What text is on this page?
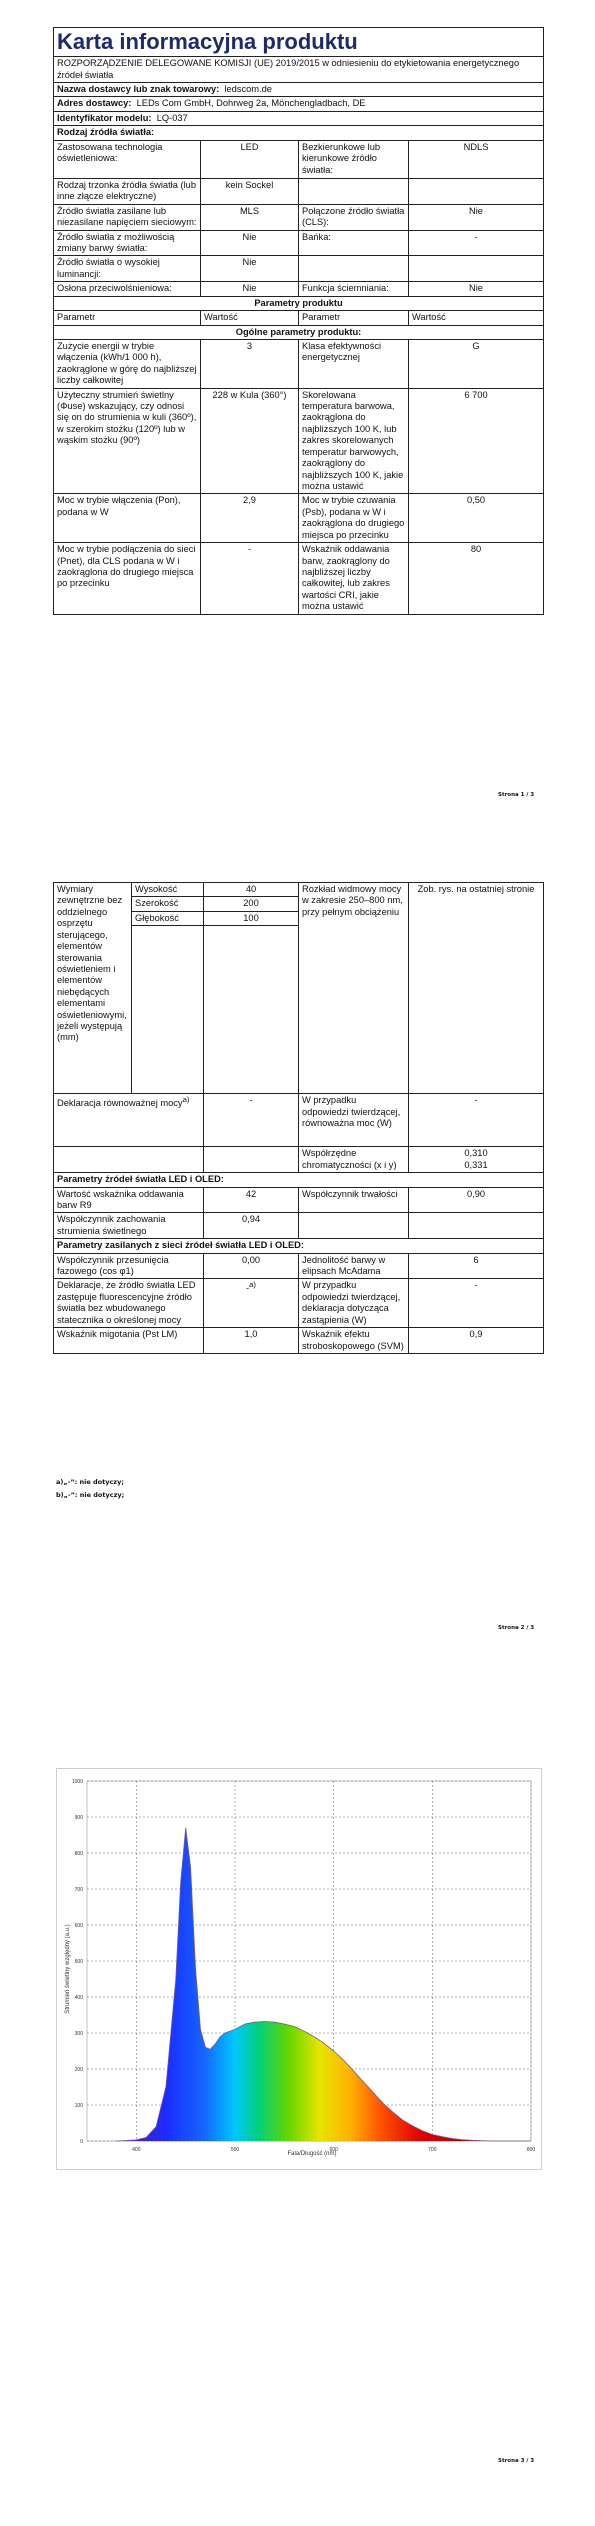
Karta informacyjna produktu			
ROZPORZĄDZENIE DELEGOWANE KOMISJI (UE) 2019/2015 w odniesieniu do etykietowania energetycznego źródeł światła			
Nazwa dostawcy lub znak towarowy: ledscom.de			
Adres dostawcy: LEDs Com GmbH, Dohrweg 2a, Mönchengladbach, DE			
Identyfikator modelu: LQ-037			
Rodzaj źródła światła:			
Zastosowana technologia oświetleniowa:	LED	Bezkierunkowe lub kierunkowe źródło światła:	NDLS
Rodzaj trzonka źródła światła (lub inne złącze elektryczne)	kein Sockel		
Źródło światła zasilane lub niezasilane napięciem sieciowym:	MLS	Połączone źródło światła (CLS):	Nie
Źródło światła z możliwością zmiany barwy światła:	Nie	Bańka:	-
Źródło światła o wysokiej luminancji:	Nie		
Osłona przeciwolśnieniowa:	Nie	Funkcja ściemniania:	Nie
Parametry produktu			
Parametr	Wartość	Parametr	Wartość
Ogólne parametry produktu:			
Zużycie energii w trybie włączenia (kWh/1 000 h), zaokrąglone w górę do najbliższej liczby całkowitej	3	Klasa efektywności energetycznej	G
Użyteczny strumień świetlny (Φuse) wskazujący, czy odnosi się on do strumienia w kuli (360º), w szerokim stożku (120º) lub w wąskim stożku (90º)	228 w Kula (360°)	Skorelowana temperatura barwowa, zaokrąglona do najbliższych 100 K, lub zakres skorelowanych temperatur barwowych, zaokrąglony do najbliższych 100 K, jakie można ustawić	6 700
Moc w trybie włączenia (Pon), podana w W	2,9	Moc w trybie czuwania (Psb), podana w W i zaokrąglona do drugiego miejsca po przecinku	0,50
Moc w trybie podłączenia do sieci (Pnet), dla CLS podana w W i zaokrąglona do drugiego miejsca po przecinku	-	Wskaźnik oddawania barw, zaokrąglony do najbliższej liczby całkowitej, lub zakres wartości CRI, jakie można ustawić	80
Strona 1 / 3
Wymiary zewnętrzne bez oddzielnego osprzętu sterującego, elementów sterowania oświetleniem i elementów niebędących elementami oświetleniowymi, jeżeli występują (mm)	Wysokość	40	Rozkład widmowy mocy w zakresie 250–800 nm, przy pełnym obciążeniu	Zob. rys. na ostatniej stronie
	Szerokość	200		
	Głębokość	100		

Deklaracja równoważnej mocy$^{a)}$		-	W przypadku odpowiedzi twierdzącej, równoważna moc (W)	-
			Współrzędne chromatyczności (x i y)	0,310
0,331
Parametry źródeł światła LED i OLED:				
Wartość wskaźnika oddawania barw R9		42	Współczynnik trwałości	0,90
Współczynnik zachowania strumienia świetlnego		0,94		
Parametry zasilanych z sieci źródeł światła LED i OLED:				
Współczynnik przesunięcia fazowego (cos φ1)		0,00	Jednolitość barwy w elipsach McAdama	6
Deklaracje, że źródło światła LED zastępuje fluorescencyjne źródło światła bez wbudowanego statecznika o określonej mocy		-$^{a)}$	W przypadku odpowiedzi twierdzącej, deklaracja dotycząca zastąpienia (W)	-
Wskaźnik migotania (Pst LM)		1,0	Wskaźnik efektu stroboskopowego (SVM)	0,9
a)„-”: nie dotyczy;
b)„-”: nie dotyczy;
Strona 2 / 3
0
100
200
300
400
500
600
700
800
900
1000
400	500	600	700	800
Fala/Długość (nm)
Strumień świetlny względny (a.u.)
Strona 3 / 3
